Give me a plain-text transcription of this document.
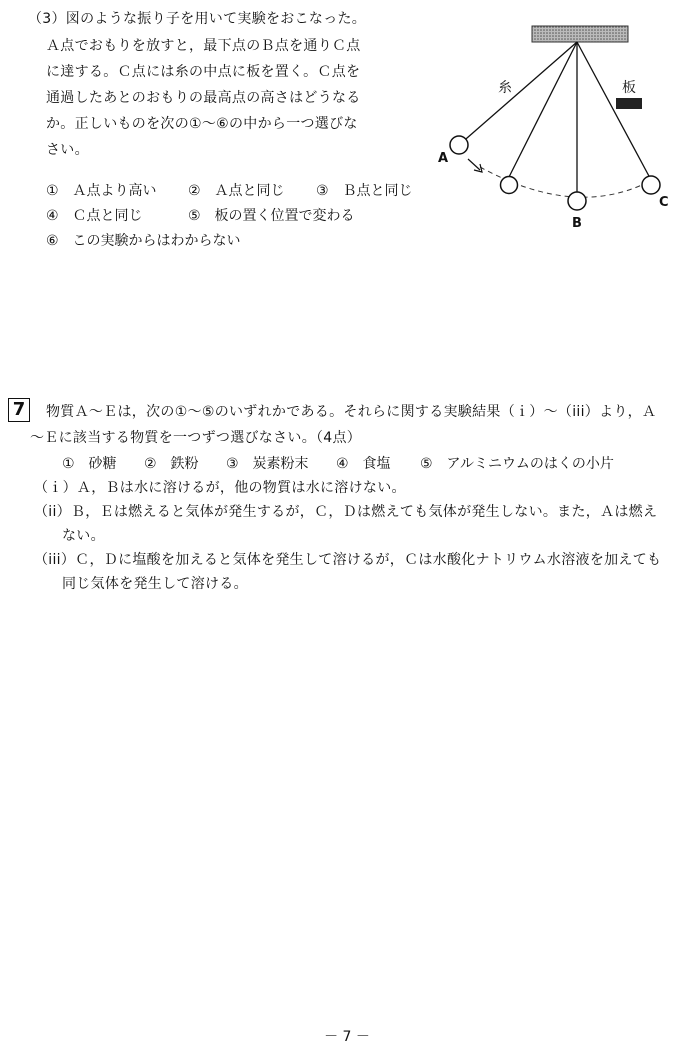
（3）図のような振り子を用いて実験をおこなった。
Ａ点でおもりを放すと，最下点のＢ点を通りＣ点
に達する。Ｃ点には糸の中点に板を置く。Ｃ点を
通過したあとのおもりの最高点の高さはどうなる
か。正しいものを次の①～⑥の中から一つ選びな
さい。
①　Ａ点より高い ②　Ａ点と同じ ③　Ｂ点と同じ
④　Ｃ点と同じ	⑤　板の置く位置で変わる
⑥　この実験からはわからない
糸	板
A
B
C
7	物質Ａ～Ｅは，次の①～⑤のいずれかである。それらに関する実験結果（ｉ）～（iii）より，Ａ
～Ｅに該当する物質を一つずつ選びなさい。（4点）
①　砂糖 ②　鉄粉 ③　炭素粉末 ④　食塩 ⑤　アルミニウムのはくの小片
（ｉ）Ａ，Ｂは水に溶けるが，他の物質は水に溶けない。
（ii）Ｂ，Ｅは燃えると気体が発生するが，Ｃ，Ｄは燃えても気体が発生しない。また，Ａは燃え
ない。
（iii）Ｃ，Ｄに塩酸を加えると気体を発生して溶けるが，Ｃは水酸化ナトリウム水溶液を加えても
同じ気体を発生して溶ける。
－ 7 －
